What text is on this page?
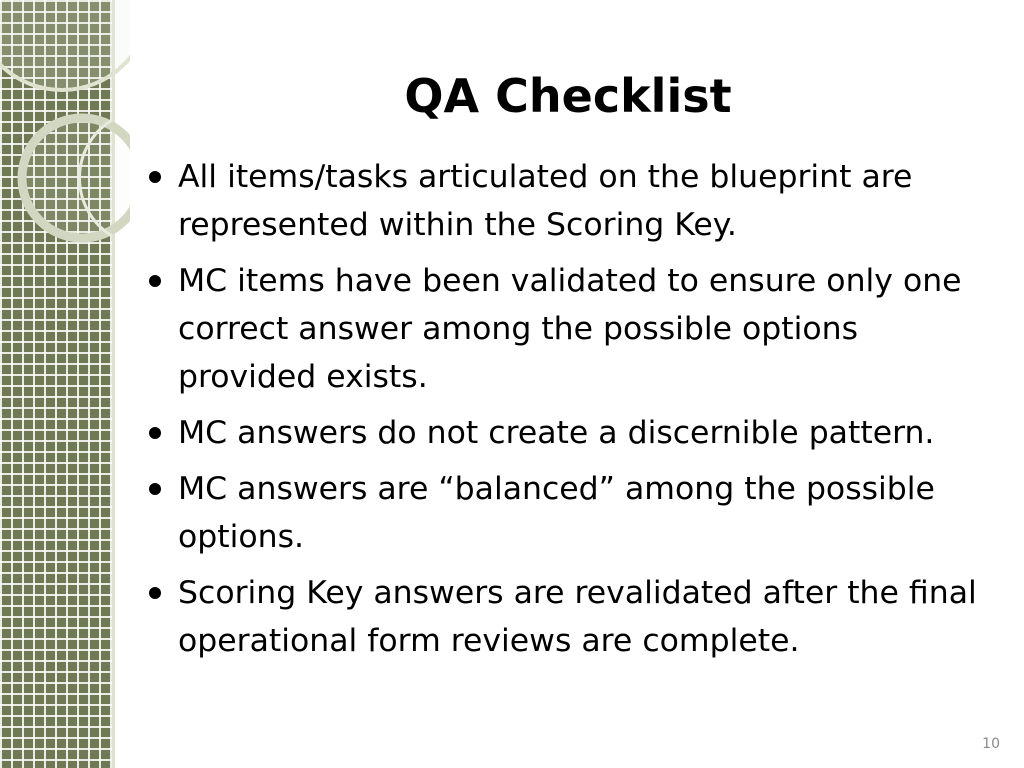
QA Checklist
All items/tasks articulated on the blueprint are represented within the Scoring Key.
MC items have been validated to ensure only one correct answer among the possible options provided exists.
MC answers do not create a discernible pattern.
MC answers are “balanced” among the possible options.
Scoring Key answers are revalidated after the final operational form reviews are complete.
10
